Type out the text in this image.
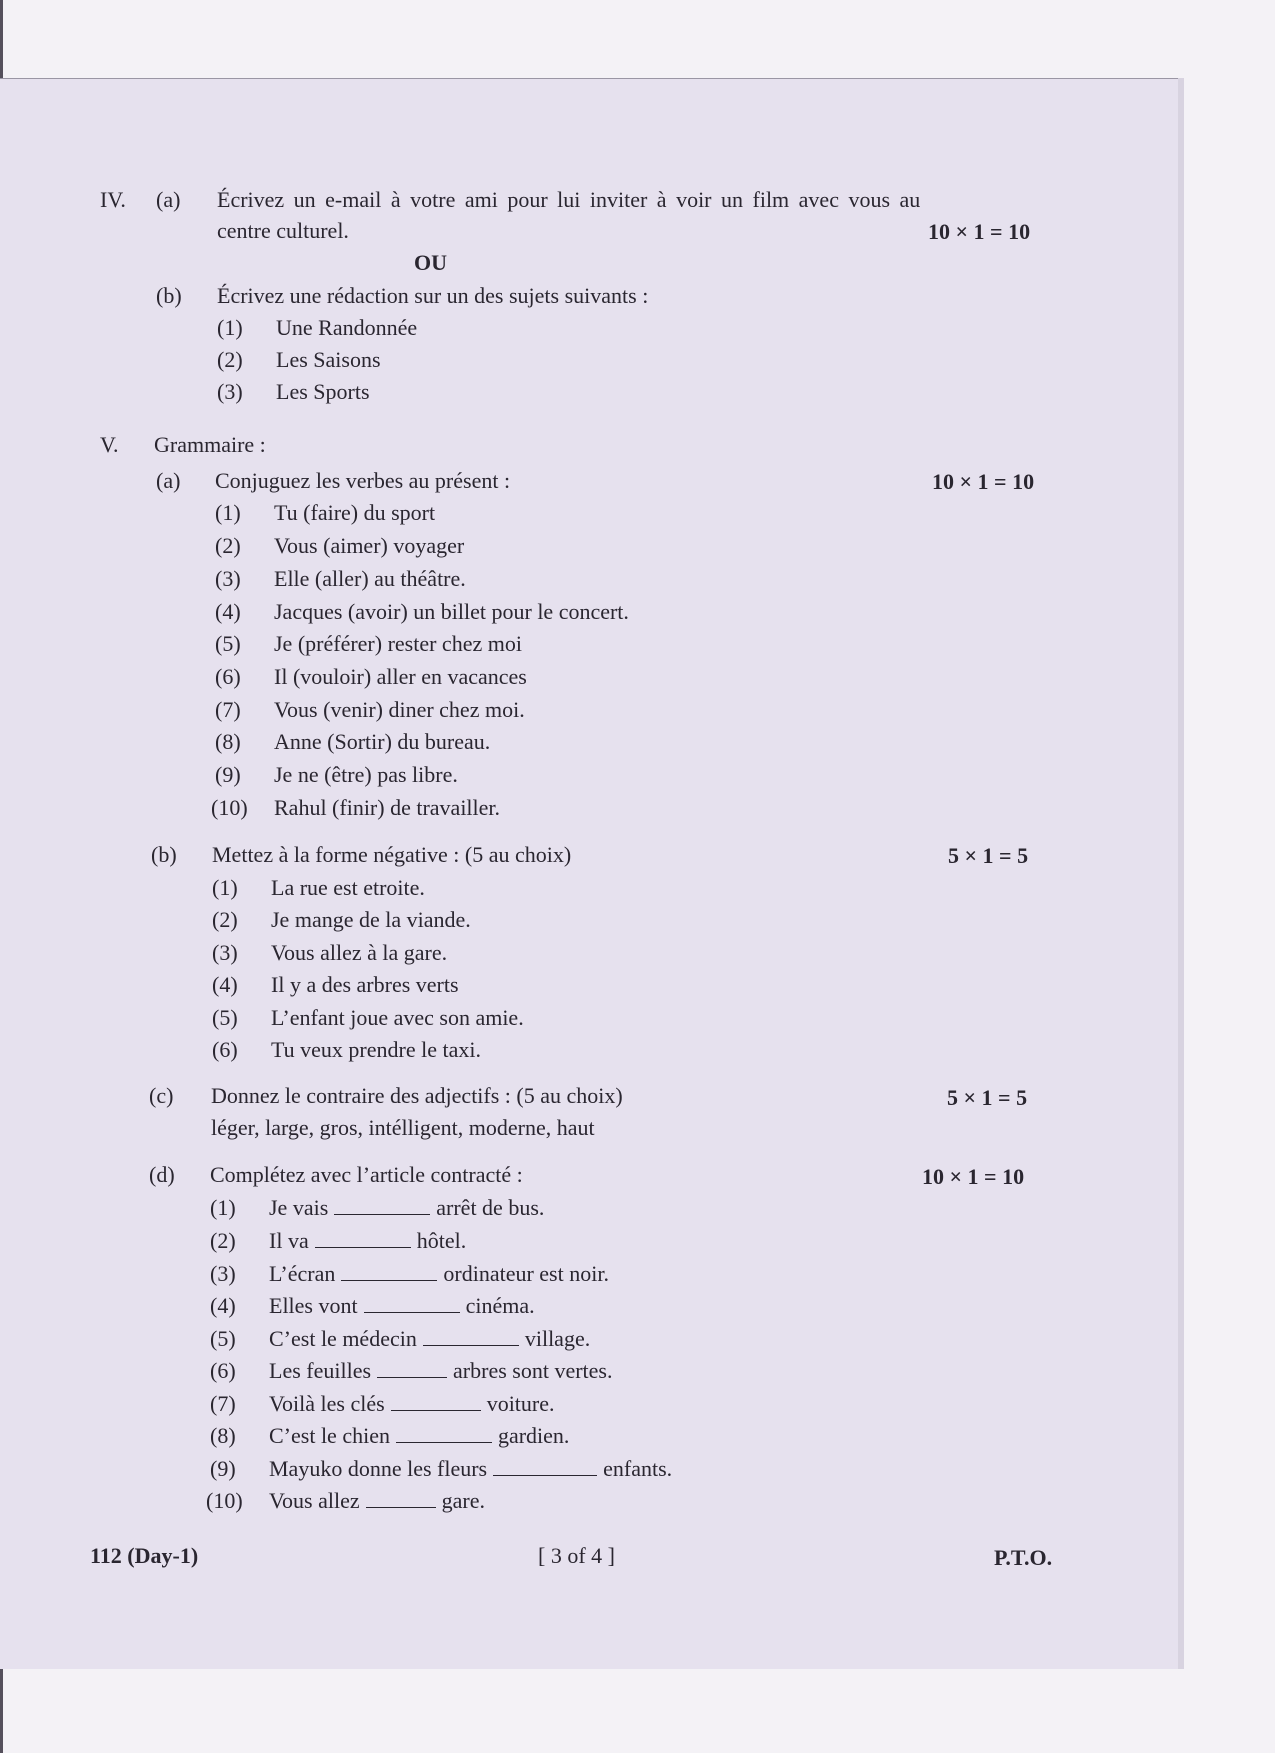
IV. (a) Écrivez un e-mail à votre ami pour lui inviter à voir un film avec vous au
centre culturel.	10 × 1 = 10
OU
(b) Écrivez une rédaction sur un des sujets suivants :
(1) Une Randonnée
(2) Les Saisons
(3) Les Sports
V. Grammaire :
(a) Conjuguez les verbes au présent :	10 × 1 = 10
(1) Tu (faire) du sport
(2) Vous (aimer) voyager
(3) Elle (aller) au théâtre.
(4) Jacques (avoir) un billet pour le concert.
(5) Je (préférer) rester chez moi
(6) Il (vouloir) aller en vacances
(7) Vous (venir) diner chez moi.
(8) Anne (Sortir) du bureau.
(9) Je ne (être) pas libre.
(10) Rahul (finir) de travailler.
(b) Mettez à la forme négative : (5 au choix)	5 × 1 = 5
(1) La rue est etroite.
(2) Je mange de la viande.
(3) Vous allez à la gare.
(4) Il y a des arbres verts
(5) L’enfant joue avec son amie.
(6) Tu veux prendre le taxi.
(c) Donnez le contraire des adjectifs : (5 au choix)	5 × 1 = 5
léger, large, gros, intélligent, moderne, haut
(d) Complétez avec l’article contracté :	10 × 1 = 10
(1) Je vais	arrêt de bus.
(2) Il va	hôtel.
(3) L’écran	ordinateur est noir.
(4) Elles vont	cinéma.
(5) C’est le médecin	village.
(6) Les feuilles	arbres sont vertes.
(7) Voilà les clés	voiture.
(8) C’est le chien	gardien.
(9) Mayuko donne les fleurs	enfants.
(10) Vous allez	gare.
112 (Day-1)	[ 3 of 4 ]	P.T.O.
